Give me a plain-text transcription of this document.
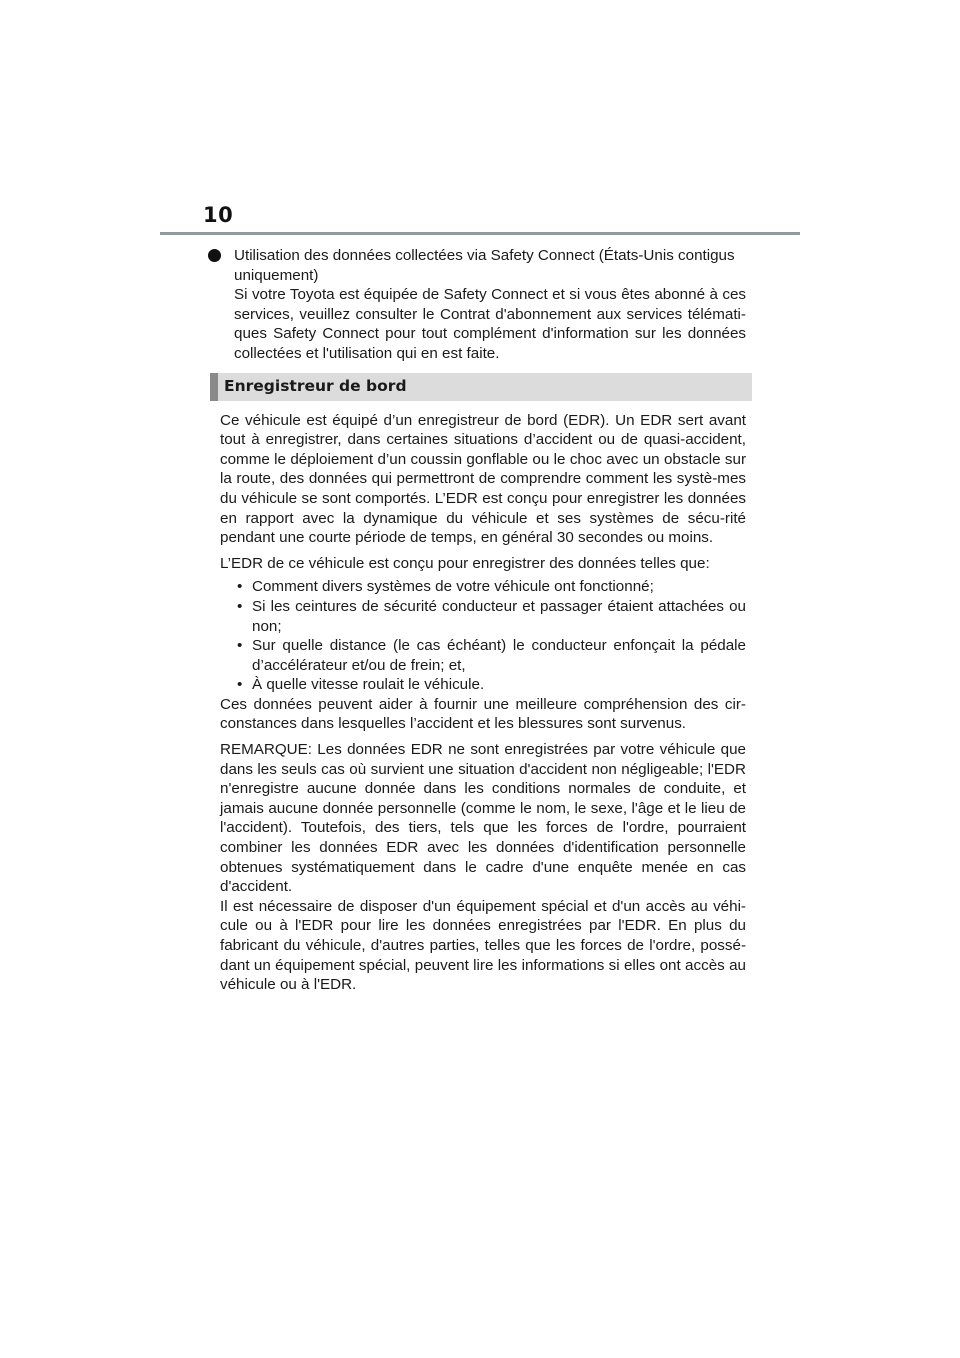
10
Utilisation des données collectées via Safety Connect (États-Unis contigus uniquement)
Si votre Toyota est équipée de Safety Connect et si vous êtes abonné à ces services, veuillez consulter le Contrat d'abonnement aux services télémati-ques Safety Connect pour tout complément d'information sur les données collectées et l'utilisation qui en est faite.
Enregistreur de bord

Ce véhicule est équipé d’un enregistreur de bord (EDR). Un EDR sert avant tout à enregistrer, dans certaines situations d’accident ou de quasi-accident, comme le déploiement d’un coussin gonflable ou le choc avec un obstacle sur la route, des données qui permettront de comprendre comment les systè-mes du véhicule se sont comportés. L’EDR est conçu pour enregistrer les données en rapport avec la dynamique du véhicule et ses systèmes de sécu-rité pendant une courte période de temps, en général 30 secondes ou moins.

L’EDR de ce véhicule est conçu pour enregistrer des données telles que:

• Comment divers systèmes de votre véhicule ont fonctionné;
• Si les ceintures de sécurité conducteur et passager étaient attachées ou non;
• Sur quelle distance (le cas échéant) le conducteur enfonçait la pédale d’accélérateur et/ou de frein; et,
• À quelle vitesse roulait le véhicule.

Ces données peuvent aider à fournir une meilleure compréhension des cir-constances dans lesquelles l’accident et les blessures sont survenus.

REMARQUE: Les données EDR ne sont enregistrées par votre véhicule que dans les seuls cas où survient une situation d'accident non négligeable; l'EDR n'enregistre aucune donnée dans les conditions normales de conduite, et jamais aucune donnée personnelle (comme le nom, le sexe, l'âge et le lieu de l'accident). Toutefois, des tiers, tels que les forces de l'ordre, pourraient combiner les données EDR avec les données d'identification personnelle obtenues systématiquement dans le cadre d'une enquête menée en cas d'accident.

Il est nécessaire de disposer d'un équipement spécial et d'un accès au véhi-cule ou à l'EDR pour lire les données enregistrées par l'EDR. En plus du fabricant du véhicule, d'autres parties, telles que les forces de l'ordre, possé-dant un équipement spécial, peuvent lire les informations si elles ont accès au véhicule ou à l'EDR.
